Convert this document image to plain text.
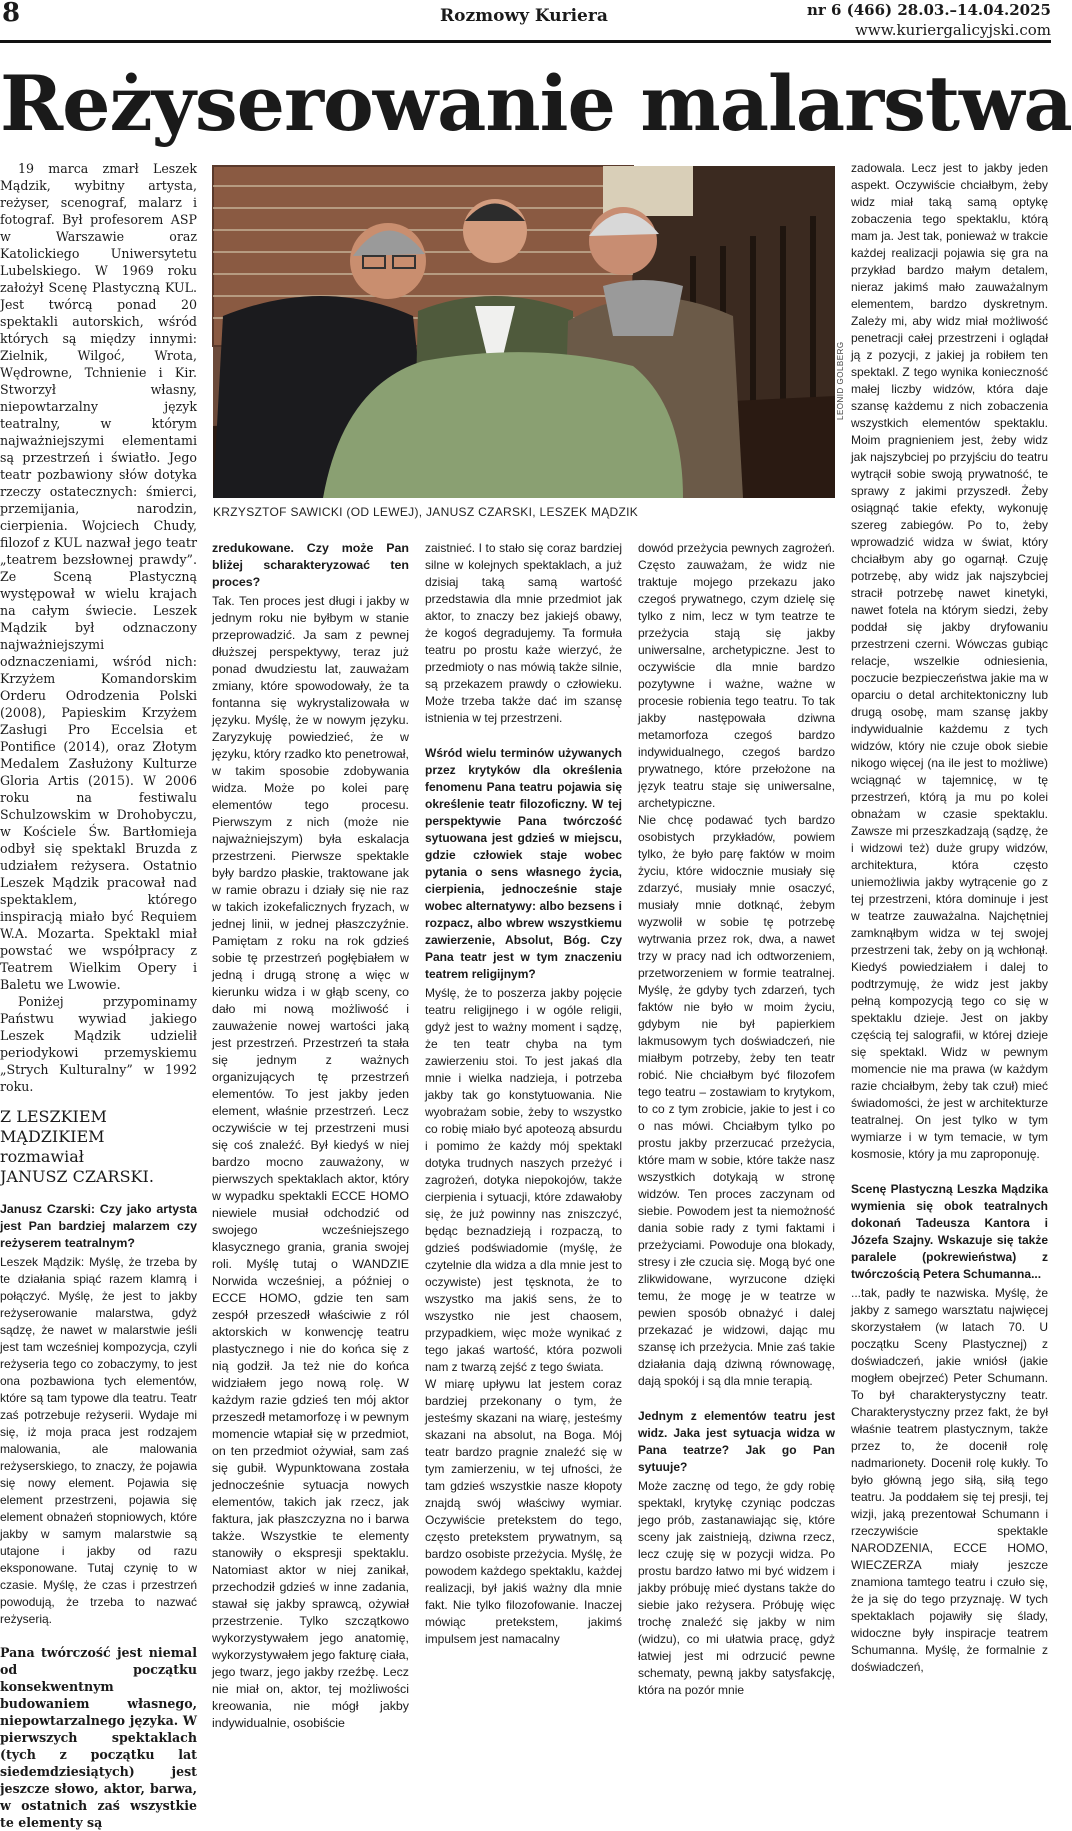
8	Rozmowy Kuriera	nr 6 (466) 28.03.–14.04.2025
www.kuriergalicyjski.com
Reżyserowanie malarstwa

19 marca zmarł Leszek Mądzik, wybitny artysta, reżyser, scenograf, malarz i fotograf. Był profesorem ASP w Warszawie oraz Katolickiego Uniwersytetu Lubelskiego. W 1969 roku założył Scenę Plastyczną KUL. Jest twórcą ponad 20 spektakli autorskich, wśród których są między innymi: Zielnik, Wilgoć, Wrota, Wędrowne, Tchnienie i Kir. Stworzył własny, niepowtarzalny język teatralny, w którym najważniejszymi elementami są przestrzeń i światło. Jego teatr pozbawiony słów dotyka rzeczy ostatecznych: śmierci, przemijania, narodzin, cierpienia. Wojciech Chudy, filozof z KUL nazwał jego teatr „teatrem bezsłownej prawdy”. Ze Sceną Plastyczną występował w wielu krajach na całym świecie. Leszek Mądzik był odznaczony najważniejszymi odznaczeniami, wśród nich: Krzyżem Komandorskim Orderu Odrodzenia Polski (2008), Papieskim Krzyżem Zasługi Pro Eccelsia et Pontifice (2014), oraz Złotym Medalem Zasłużony Kulturze Gloria Artis (2015). W 2006 roku na festiwalu Schulzowskim w Drohobyczu, w Kościele Św. Bartłomieja odbył się spektakl Bruzda z udziałem reżysera. Ostatnio Leszek Mądzik pracował nad spektaklem, którego inspiracją miało być Requiem W.A. Mozarta. Spektakl miał powstać we współpracy z Teatrem Wielkim Opery i Baletu we Lwowie.

Poniżej przypominamy Państwu wywiad jakiego Leszek Mądzik udzielił periodykowi przemyskiemu „Strych Kulturalny” w 1992 roku.

Z LESZKIEM MĄDZIKIEM
rozmawiał
JANUSZ CZARSKI.

Janusz Czarski: Czy jako artysta jest Pan bardziej malarzem czy reżyserem teatralnym?

Leszek Mądzik: Myślę, że trzeba by te działania spiąć razem klamrą i połączyć. Myślę, że jest to jakby reżyserowanie malarstwa, gdyż sądzę, że nawet w malarstwie jeśli jest tam wcześniej kompozycja, czyli reżyseria tego co zobaczymy, to jest ona pozbawiona tych elementów, które są tam typowe dla teatru. Teatr zaś potrzebuje reżyserii. Wydaje mi się, iż moja praca jest rodzajem malowania, ale malowania reżyserskiego, to znaczy, że pojawia się nowy element. Pojawia się element przestrzeni, pojawia się element obnażeń stopniowych, które jakby w samym malarstwie są utajone i jakby od razu eksponowane. Tutaj czynię to w czasie. Myślę, że czas i przestrzeń powodują, że trzeba to nazwać reżyserią.

Pana twórczość jest niemal od początku konsekwentnym budowaniem własnego, niepowtarzalnego języka. W pierwszych spektaklach (tych z początku lat siedemdziesiątych) jest jeszcze słowo, aktor, barwa, w ostatnich zaś wszystkie te elementy są

LEONID GOLBERG
KRZYSZTOF SAWICKI (OD LEWEJ), JANUSZ CZARSKI, LESZEK MĄDZIK

zredukowane. Czy może Pan bliżej scharakteryzować ten proces?

Tak. Ten proces jest długi i jakby w jednym roku nie byłbym w stanie przeprowadzić. Ja sam z pewnej dłuższej perspektywy, teraz już ponad dwudziestu lat, zauważam zmiany, które spowodowały, że ta fontanna się wykrystalizowała w języku. Myślę, że w nowym języku. Zaryzykuję powiedzieć, że w języku, który rzadko kto penetrował, w takim sposobie zdobywania widza. Może po kolei parę elementów tego procesu. Pierwszym z nich (może nie najważniejszym) była eskalacja przestrzeni. Pierwsze spektakle były bardzo płaskie, traktowane jak w ramie obrazu i działy się nie raz w takich izokefalicznych fryzach, w jednej linii, w jednej płaszczyźnie. Pamiętam z roku na rok gdzieś sobie tę przestrzeń pogłębiałem w jedną i drugą stronę a więc w kierunku widza i w głąb sceny, co dało mi nową możliwość i zauważenie nowej wartości jaką jest przestrzeń. Przestrzeń ta stała się jednym z ważnych organizujących tę przestrzeń elementów. To jest jakby jeden element, właśnie przestrzeń. Lecz oczywiście w tej przestrzeni musi się coś znaleźć. Był kiedyś w niej bardzo mocno zauważony, w pierwszych spektaklach aktor, który w wypadku spektakli ECCE HOMO niewiele musiał odchodzić od swojego wcześniejszego klasycznego grania, grania swojej roli. Myślę tutaj o WANDZIE Norwida wcześniej, a później o ECCE HOMO, gdzie ten sam zespół przeszedł właściwie z ról aktorskich w konwencję teatru plastycznego i nie do końca się z nią godził. Ja też nie do końca widziałem jego nową rolę. W każdym razie gdzieś ten mój aktor przeszedł metamorfozę i w pewnym momencie wtapiał się w przedmiot, on ten przedmiot ożywiał, sam zaś się gubił. Wypunktowana została jednocześnie sytuacja nowych elementów, takich jak rzecz, jak faktura, jak płaszczyzna no i barwa także. Wszystkie te elementy stanowiły o ekspresji spektaklu. Natomiast aktor w niej zanikał, przechodził gdzieś w inne zadania, stawał się jakby sprawcą, ożywiał przestrzenie. Tylko szczątkowo wykorzystywałem jego anatomię, wykorzystywałem jego fakturę ciała, jego twarz, jego jakby rzeźbę. Lecz nie miał on, aktor, tej możliwości kreowania, nie mógł jakby indywidualnie, osobiście

zaistnieć. I to stało się coraz bardziej silne w kolejnych spektaklach, a już dzisiaj taką samą wartość przedstawia dla mnie przedmiot jak aktor, to znaczy bez jakiejś obawy, że kogoś degradujemy. Ta formuła teatru po prostu każe wierzyć, że przedmioty o nas mówią także silnie, są przekazem prawdy o człowieku. Może trzeba także dać im szansę istnienia w tej przestrzeni.

Wśród wielu terminów używanych przez krytyków dla określenia fenomenu Pana teatru pojawia się określenie teatr filozoficzny. W tej perspektywie Pana twórczość sytuowana jest gdzieś w miejscu, gdzie człowiek staje wobec pytania o sens własnego życia, cierpienia, jednocześnie staje wobec alternatywy: albo bezsens i rozpacz, albo wbrew wszystkiemu zawierzenie, Absolut, Bóg. Czy Pana teatr jest w tym znaczeniu teatrem religijnym?

Myślę, że to poszerza jakby pojęcie teatru religijnego i w ogóle religii, gdyż jest to ważny moment i sądzę, że ten teatr chyba na tym zawierzeniu stoi. To jest jakaś dla mnie i wielka nadzieja, i potrzeba jakby tak go konstytuowania. Nie wyobrażam sobie, żeby to wszystko co robię miało być apoteozą absurdu i pomimo że każdy mój spektakl dotyka trudnych naszych przeżyć i zagrożeń, dotyka niepokojów, także cierpienia i sytuacji, które zdawałoby się, że już powinny nas zniszczyć, będąc beznadzieją i rozpaczą, to gdzieś podświadomie (myślę, że czytelnie dla widza a dla mnie jest to oczywiste) jest tęsknota, że to wszystko ma jakiś sens, że to wszystko nie jest chaosem, przypadkiem, więc może wynikać z tego jakaś wartość, która pozwoli nam z twarzą zejść z tego świata.

W miarę upływu lat jestem coraz bardziej przekonany o tym, że jesteśmy skazani na wiarę, jesteśmy skazani na absolut, na Boga. Mój teatr bardzo pragnie znaleźć się w tym zamierzeniu, w tej ufności, że tam gdzieś wszystkie nasze kłopoty znajdą swój właściwy wymiar. Oczywiście pretekstem do tego, często pretekstem prywatnym, są bardzo osobiste przeżycia. Myślę, że powodem każdego spektaklu, każdej realizacji, był jakiś ważny dla mnie fakt. Nie tylko filozofowanie. Inaczej mówiąc pretekstem, jakimś impulsem jest namacalny

dowód przeżycia pewnych zagrożeń. Często zauważam, że widz nie traktuje mojego przekazu jako czegoś prywatnego, czym dzielę się tylko z nim, lecz w tym teatrze te przeżycia stają się jakby uniwersalne, archetypiczne. Jest to oczywiście dla mnie bardzo pozytywne i ważne, ważne w procesie robienia tego teatru. To tak jakby następowała dziwna metamorfoza czegoś bardzo indywidualnego, czegoś bardzo prywatnego, które przełożone na język teatru staje się uniwersalne, archetypiczne.

Nie chcę podawać tych bardzo osobistych przykładów, powiem tylko, że było parę faktów w moim życiu, które widocznie musiały się zdarzyć, musiały mnie osaczyć, musiały mnie dotknąć, żebym wyzwolił w sobie tę potrzebę wytrwania przez rok, dwa, a nawet trzy w pracy nad ich odtworzeniem, przetworzeniem w formie teatralnej. Myślę, że gdyby tych zdarzeń, tych faktów nie było w moim życiu, gdybym nie był papierkiem lakmusowym tych doświadczeń, nie miałbym potrzeby, żeby ten teatr robić. Nie chciałbym być filozofem tego teatru – zostawiam to krytykom, to co z tym zrobicie, jakie to jest i co o nas mówi. Chciałbym tylko po prostu jakby przerzucać przeżycia, które mam w sobie, które także nasz wszystkich dotykają w stronę widzów. Ten proces zaczynam od siebie. Powodem jest ta niemożność dania sobie rady z tymi faktami i przeżyciami. Powoduje ona blokady, stresy i złe czucia się. Mogą być one zlikwidowane, wyrzucone dzięki temu, że mogę je w teatrze w pewien sposób obnażyć i dalej przekazać je widzowi, dając mu szansę ich przeżycia. Mnie zaś takie działania dają dziwną równowagę, dają spokój i są dla mnie terapią.

Jednym z elementów teatru jest widz. Jaka jest sytuacja widza w Pana teatrze? Jak go Pan sytuuje?

Może zacznę od tego, że gdy robię spektakl, krytykę czyniąc podczas jego prób, zastanawiając się, które sceny jak zaistnieją, dziwna rzecz, lecz czuję się w pozycji widza. Po prostu bardzo łatwo mi być widzem i jakby próbuję mieć dystans także do siebie jako reżysera. Próbuję więc trochę znaleźć się jakby w nim (widzu), co mi ułatwia pracę, gdyż łatwiej jest mi odrzucić pewne schematy, pewną jakby satysfakcję, która na pozór mnie

zadowala. Lecz jest to jakby jeden aspekt. Oczywiście chciałbym, żeby widz miał taką samą optykę zobaczenia tego spektaklu, którą mam ja. Jest tak, ponieważ w trakcie każdej realizacji pojawia się gra na przykład bardzo małym detalem, nieraz jakimś mało zauważalnym elementem, bardzo dyskretnym. Zależy mi, aby widz miał możliwość penetracji całej przestrzeni i oglądał ją z pozycji, z jakiej ja robiłem ten spektakl. Z tego wynika konieczność małej liczby widzów, która daje szansę każdemu z nich zobaczenia wszystkich elementów spektaklu. Moim pragnieniem jest, żeby widz jak najszybciej po przyjściu do teatru wytrącił sobie swoją prywatność, te sprawy z jakimi przyszedł. Żeby osiągnąć takie efekty, wykonuję szereg zabiegów. Po to, żeby wprowadzić widza w świat, który chciałbym aby go ogarnął. Czuję potrzebę, aby widz jak najszybciej stracił potrzebę nawet kinetyki, nawet fotela na którym siedzi, żeby poddał się jakby dryfowaniu przestrzeni czerni. Wówczas gubiąc relacje, wszelkie odniesienia, poczucie bezpieczeństwa jakie ma w oparciu o detal architektoniczny lub drugą osobę, mam szansę jakby indywidualnie każdemu z tych widzów, który nie czuje obok siebie nikogo więcej (na ile jest to możliwe) wciągnąć w tajemnicę, w tę przestrzeń, którą ja mu po kolei obnażam w czasie spektaklu. Zawsze mi przeszkadzają (sądzę, że i widzowi też) duże grupy widzów, architektura, która często uniemożliwia jakby wytrącenie go z tej przestrzeni, która dominuje i jest w teatrze zauważalna. Najchętniej zamknąłbym widza w tej swojej przestrzeni tak, żeby on ją wchłonął. Kiedyś powiedziałem i dalej to podtrzymuję, że widz jest jakby pełną kompozycją tego co się w spektaklu dzieje. Jest on jakby częścią tej salografii, w której dzieje się spektakl. Widz w pewnym momencie nie ma prawa (w każdym razie chciałbym, żeby tak czuł) mieć świadomości, że jest w architekturze teatralnej. On jest tylko w tym wymiarze i w tym temacie, w tym kosmosie, który ja mu zaproponuję.

Scenę Plastyczną Leszka Mądzika wymienia się obok teatralnych dokonań Tadeusza Kantora i Józefa Szajny. Wskazuje się także paralele (pokrewieństwa) z twórczością Petera Schumanna...

...tak, padły te nazwiska. Myślę, że jakby z samego warsztatu najwięcej skorzystałem (w latach 70. U początku Sceny Plastycznej) z doświadczeń, jakie wniósł (jakie mogłem obejrzeć) Peter Schumann. To był charakterystyczny teatr. Charakterystyczny przez fakt, że był właśnie teatrem plastycznym, także przez to, że docenił rolę nadmarionety. Docenił rolę kukły. To było główną jego siłą, siłą tego teatru. Ja poddałem się tej presji, tej wizji, jaką prezentował Schumann i rzeczywiście spektakle NARODZENIA, ECCE HOMO, WIECZERZA miały jeszcze znamiona tamtego teatru i czuło się, że ja się do tego przyznaję. W tych spektaklach pojawiły się ślady, widoczne były inspiracje teatrem Schumanna. Myślę, że formalnie z doświadczeń,
